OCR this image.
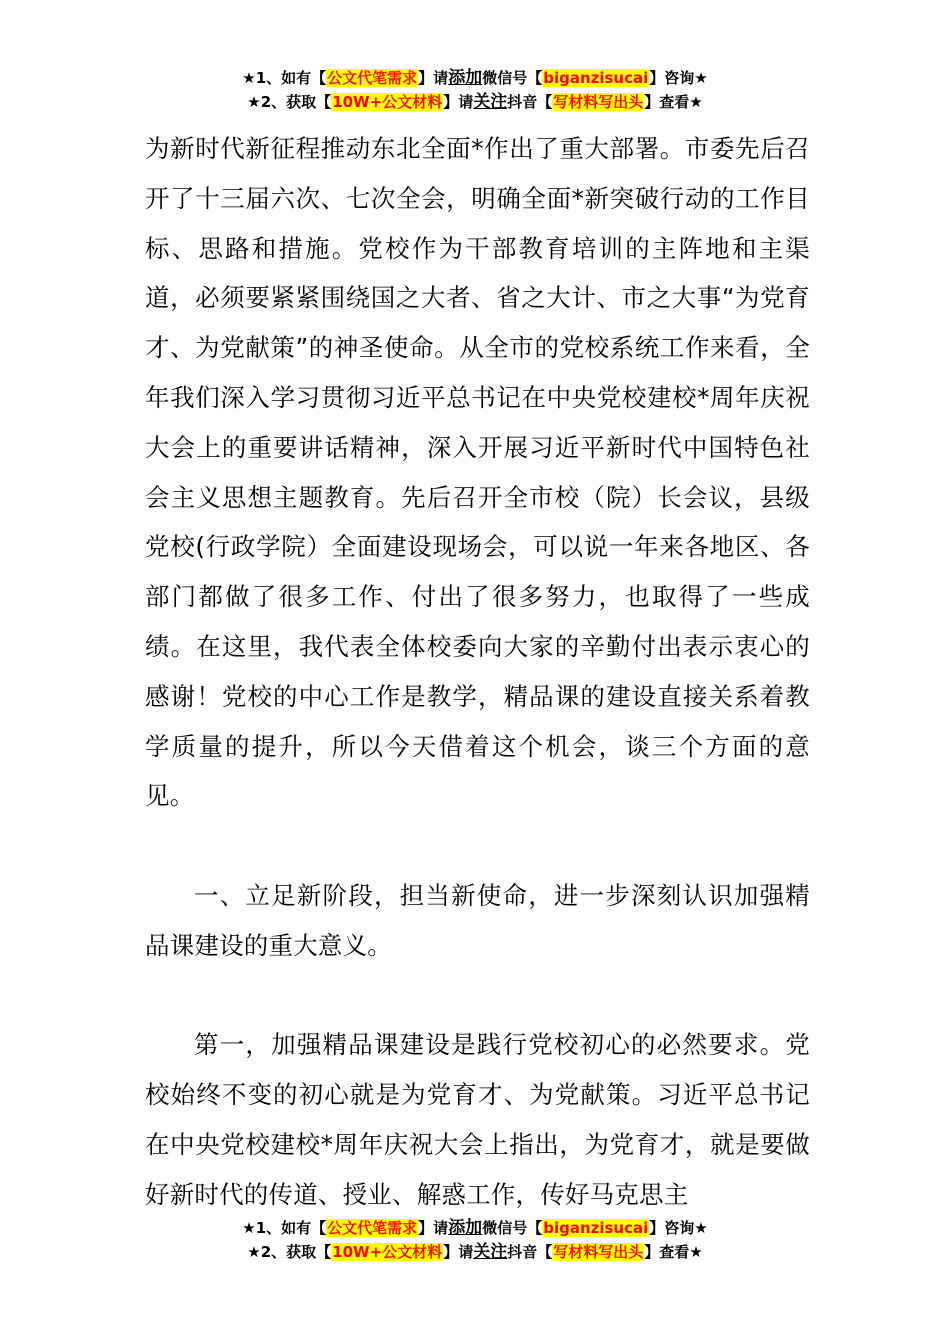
★1、如有【公文代笔需求】请添加微信号【biganzisucai】咨询★
★2、获取【10W+公文材料】请关注抖音【写材料写出头】查看★

为新时代新征程推动东北全面*作出了重大部署。市委先后召开了十三届六次、七次全会，明确全面*新突破行动的工作目标、思路和措施。党校作为干部教育培训的主阵地和主渠道，必须要紧紧围绕国之大者、省之大计、市之大事“为党育才、为党献策”的神圣使命。从全市的党校系统工作来看，全年我们深入学习贯彻习近平总书记在中央党校建校*周年庆祝大会上的重要讲话精神，深入开展习近平新时代中国特色社会主义思想主题教育。先后召开全市校（院）长会议，县级党校(行政学院）全面建设现场会，可以说一年来各地区、各部门都做了很多工作、付出了很多努力，也取得了一些成绩。在这里，我代表全体校委向大家的辛勤付出表示衷心的感谢！党校的中心工作是教学，精品课的建设直接关系着教学质量的提升，所以今天借着这个机会，谈三个方面的意见。

一、立足新阶段，担当新使命，进一步深刻认识加强精品课建设的重大意义。

第一，加强精品课建设是践行党校初心的必然要求。党校始终不变的初心就是为党育才、为党献策。习近平总书记在中央党校建校*周年庆祝大会上指出，为党育才，就是要做好新时代的传道、授业、解惑工作，传好马克思主

★1、如有【公文代笔需求】请添加微信号【biganzisucai】咨询★
★2、获取【10W+公文材料】请关注抖音【写材料写出头】查看★
